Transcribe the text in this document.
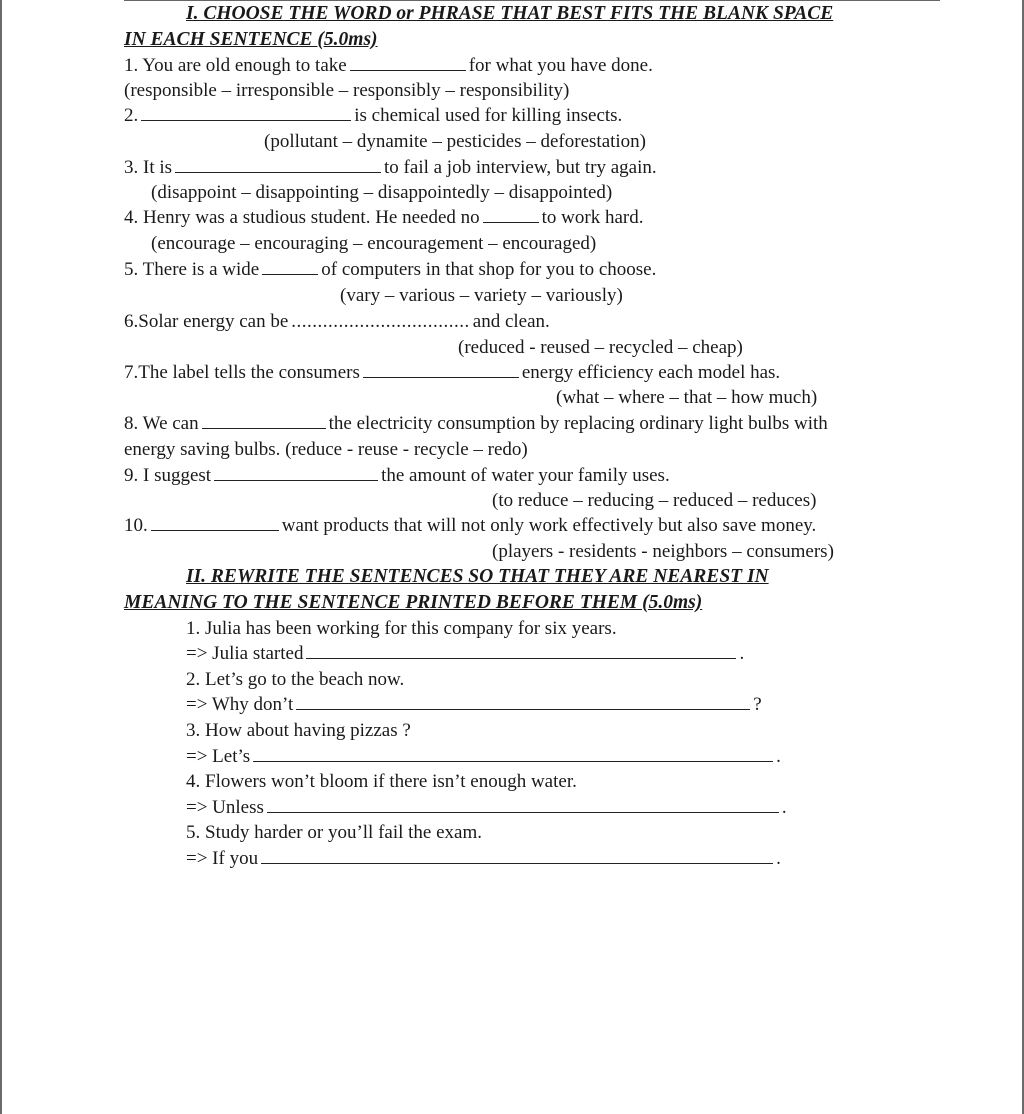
I. CHOOSE THE WORD or PHRASE THAT BEST FITS THE BLANK SPACE
IN EACH SENTENCE (5.0ms)
1. You are old enough to take	for what you have done.
(responsible – irresponsible – responsibly – responsibility)
2.	is chemical used for killing insects.
(pollutant – dynamite – pesticides – deforestation)
3. It is	to fail a job interview, but try again.
(disappoint – disappointing – disappointedly – disappointed)
4. Henry was a studious student. He needed no	to work hard.
(encourage – encouraging – encouragement – encouraged)
5. There is a wide	of computers in that shop for you to choose.
(vary – various – variety – variously)
6.Solar energy can be .................................. and clean.
(reduced - reused – recycled – cheap)
7.The label tells the consumers	energy efficiency each model has.
(what – where – that – how much)
8. We can	the electricity consumption by replacing ordinary light bulbs with
energy saving bulbs. (reduce - reuse - recycle – redo)
9. I suggest	the amount of water your family uses.
(to reduce – reducing – reduced – reduces)
10.	want products that will not only work effectively but also save money.
(players - residents - neighbors – consumers)
II. REWRITE THE SENTENCES SO THAT THEY ARE NEAREST IN
MEANING TO THE SENTENCE PRINTED BEFORE THEM (5.0ms)
1. Julia has been working for this company for six years.
=> Julia started	.
2. Let’s go to the beach now.
=> Why don’t	?
3. How about having pizzas ?
=> Let’s	.
4. Flowers won’t bloom if there isn’t enough water.
=> Unless	.
5. Study harder or you’ll fail the exam.
=> If you	.
